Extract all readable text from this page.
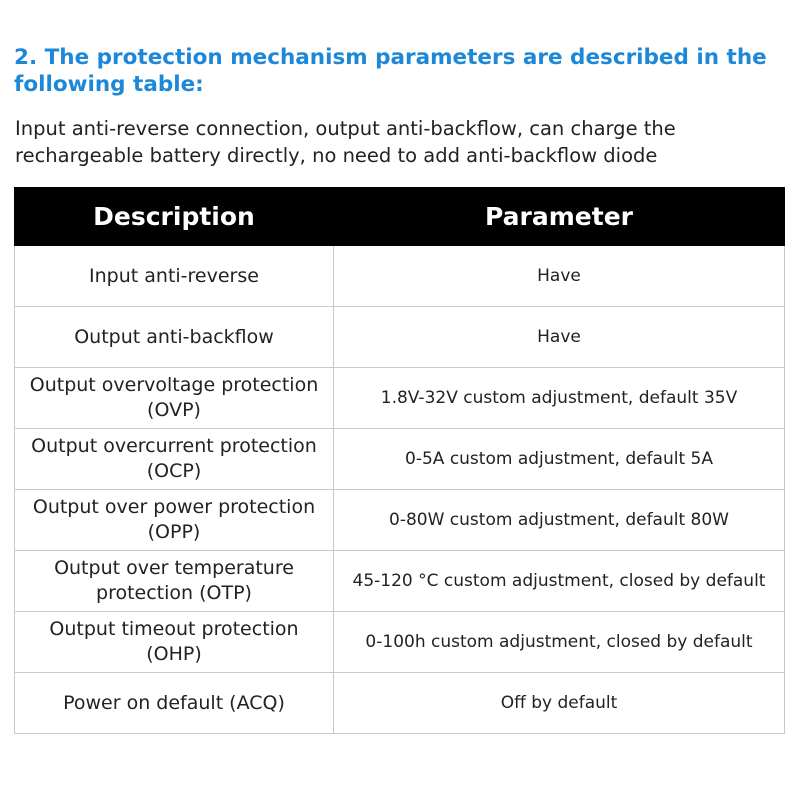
2. The protection mechanism parameters are described in the following table:

Input anti-reverse connection, output anti-backflow, can charge the rechargeable battery directly, no need to add anti-backflow diode

Description	Parameter
Input anti-reverse	Have
Output anti-backflow	Have
Output overvoltage protection (OVP)	1.8V-32V custom adjustment, default 35V
Output overcurrent protection (OCP)	0-5A custom adjustment, default 5A
Output over power protection (OPP)	0-80W custom adjustment, default 80W
Output over temperature protection (OTP)	45-120 °C custom adjustment, closed by default
Output timeout protection (OHP)	0-100h custom adjustment, closed by default
Power on default (ACQ)	Off by default
